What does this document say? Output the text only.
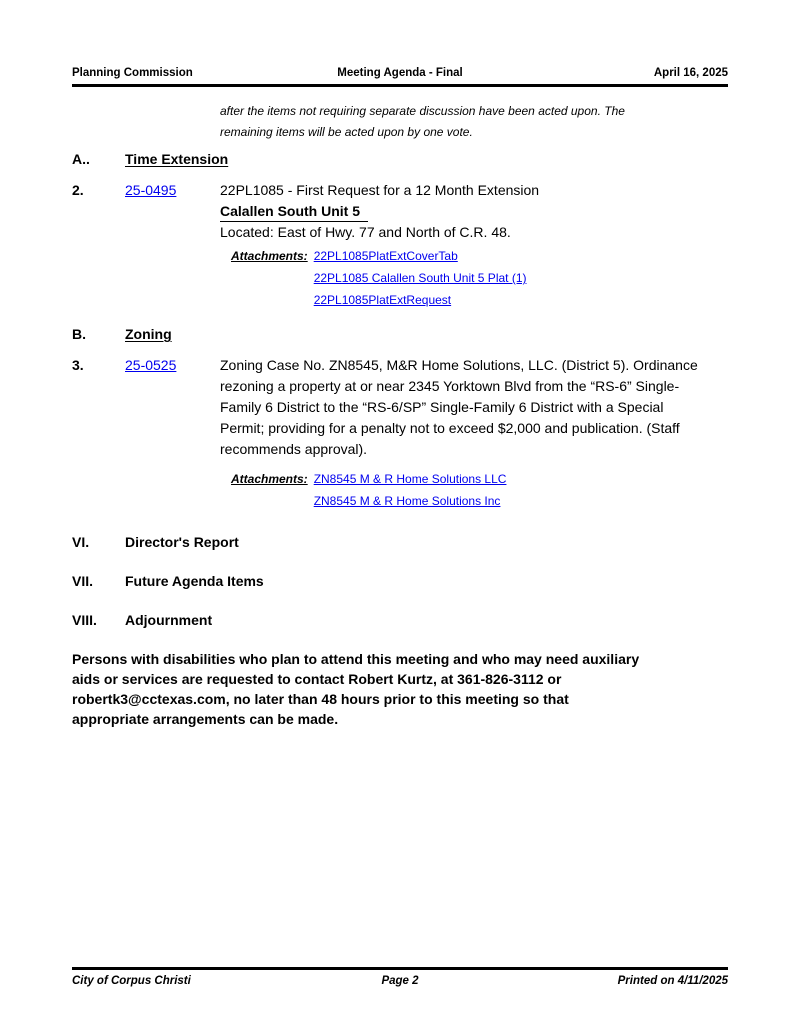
Planning Commission	Meeting Agenda - Final	April 16, 2025
after the items not requiring separate discussion have been acted upon. The remaining items will be acted upon by one vote.
A..	Time Extension
2.	25-0495	22PL1085 - First Request for a 12 Month Extension
Calallen South Unit 5
Located: East of Hwy. 77 and North of C.R. 48.
Attachments: 22PL1085PlatExtCoverTab
22PL1085 Calallen South Unit 5 Plat (1)
22PL1085PlatExtRequest
B.	Zoning
3.	25-0525	Zoning Case No. ZN8545, M&R Home Solutions, LLC. (District 5). Ordinance rezoning a property at or near 2345 Yorktown Blvd from the “RS-6” Single-Family 6 District to the “RS-6/SP” Single-Family 6 District with a Special Permit; providing for a penalty not to exceed $2,000 and publication. (Staff recommends approval).
Attachments: ZN8545 M & R Home Solutions LLC
ZN8545 M & R Home Solutions Inc
VI.	Director's Report
VII.	Future Agenda Items
VIII.	Adjournment
Persons with disabilities who plan to attend this meeting and who may need auxiliary aids or services are requested to contact Robert Kurtz, at 361-826-3112 or robertk3@cctexas.com, no later than 48 hours prior to this meeting so that appropriate arrangements can be made.
City of Corpus Christi	Page 2	Printed on 4/11/2025
